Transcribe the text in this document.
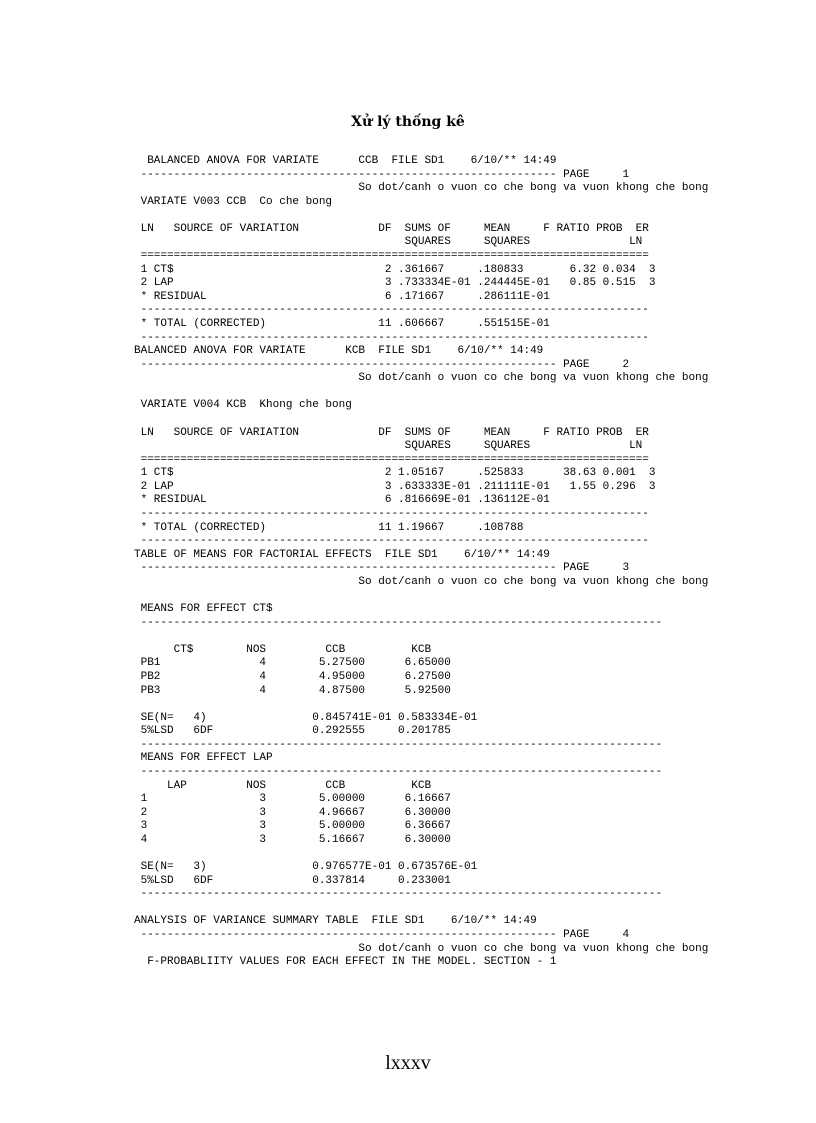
Xử lý thống kê
BALANCED ANOVA FOR VARIATE      CCB  FILE SD1    6/10/** 14:49
--------------------------------------------------------------- PAGE     1
So dot/canh o vuon co che bong va vuon khong che bong
VARIATE V003 CCB  Co che bong

LN   SOURCE OF VARIATION            DF  SUMS OF     MEAN     F RATIO PROB  ER
SQUARES     SQUARES               LN
=============================================================================
1 CT$                                2 .361667     .180833       6.32 0.034  3
2 LAP                                3 .733334E-01 .244445E-01   0.85 0.515  3
* RESIDUAL                           6 .171667     .286111E-01
-----------------------------------------------------------------------------
* TOTAL (CORRECTED)                 11 .606667     .551515E-01
-----------------------------------------------------------------------------
BALANCED ANOVA FOR VARIATE      KCB  FILE SD1    6/10/** 14:49
--------------------------------------------------------------- PAGE     2
So dot/canh o vuon co che bong va vuon khong che bong

VARIATE V004 KCB  Khong che bong

LN   SOURCE OF VARIATION            DF  SUMS OF     MEAN     F RATIO PROB  ER
SQUARES     SQUARES               LN
=============================================================================
1 CT$                                2 1.05167     .525833      38.63 0.001  3
2 LAP                                3 .633333E-01 .211111E-01   1.55 0.296  3
* RESIDUAL                           6 .816669E-01 .136112E-01
-----------------------------------------------------------------------------
* TOTAL (CORRECTED)                 11 1.19667     .108788
-----------------------------------------------------------------------------
TABLE OF MEANS FOR FACTORIAL EFFECTS  FILE SD1    6/10/** 14:49
--------------------------------------------------------------- PAGE     3
So dot/canh o vuon co che bong va vuon khong che bong

MEANS FOR EFFECT CT$
-------------------------------------------------------------------------------

CT$        NOS         CCB          KCB
PB1               4        5.27500      6.65000
PB2               4        4.95000      6.27500
PB3               4        4.87500      5.92500

SE(N=   4)                0.845741E-01 0.583334E-01
5%LSD   6DF               0.292555     0.201785
-------------------------------------------------------------------------------
MEANS FOR EFFECT LAP
-------------------------------------------------------------------------------
LAP         NOS         CCB          KCB
1                 3        5.00000      6.16667
2                 3        4.96667      6.30000
3                 3        5.00000      6.36667
4                 3        5.16667      6.30000

SE(N=   3)                0.976577E-01 0.673576E-01
5%LSD   6DF               0.337814     0.233001
-------------------------------------------------------------------------------

ANALYSIS OF VARIANCE SUMMARY TABLE  FILE SD1    6/10/** 14:49
--------------------------------------------------------------- PAGE     4
So dot/canh o vuon co che bong va vuon khong che bong
F-PROBABLIITY VALUES FOR EACH EFFECT IN THE MODEL. SECTION - 1
lxxxv
